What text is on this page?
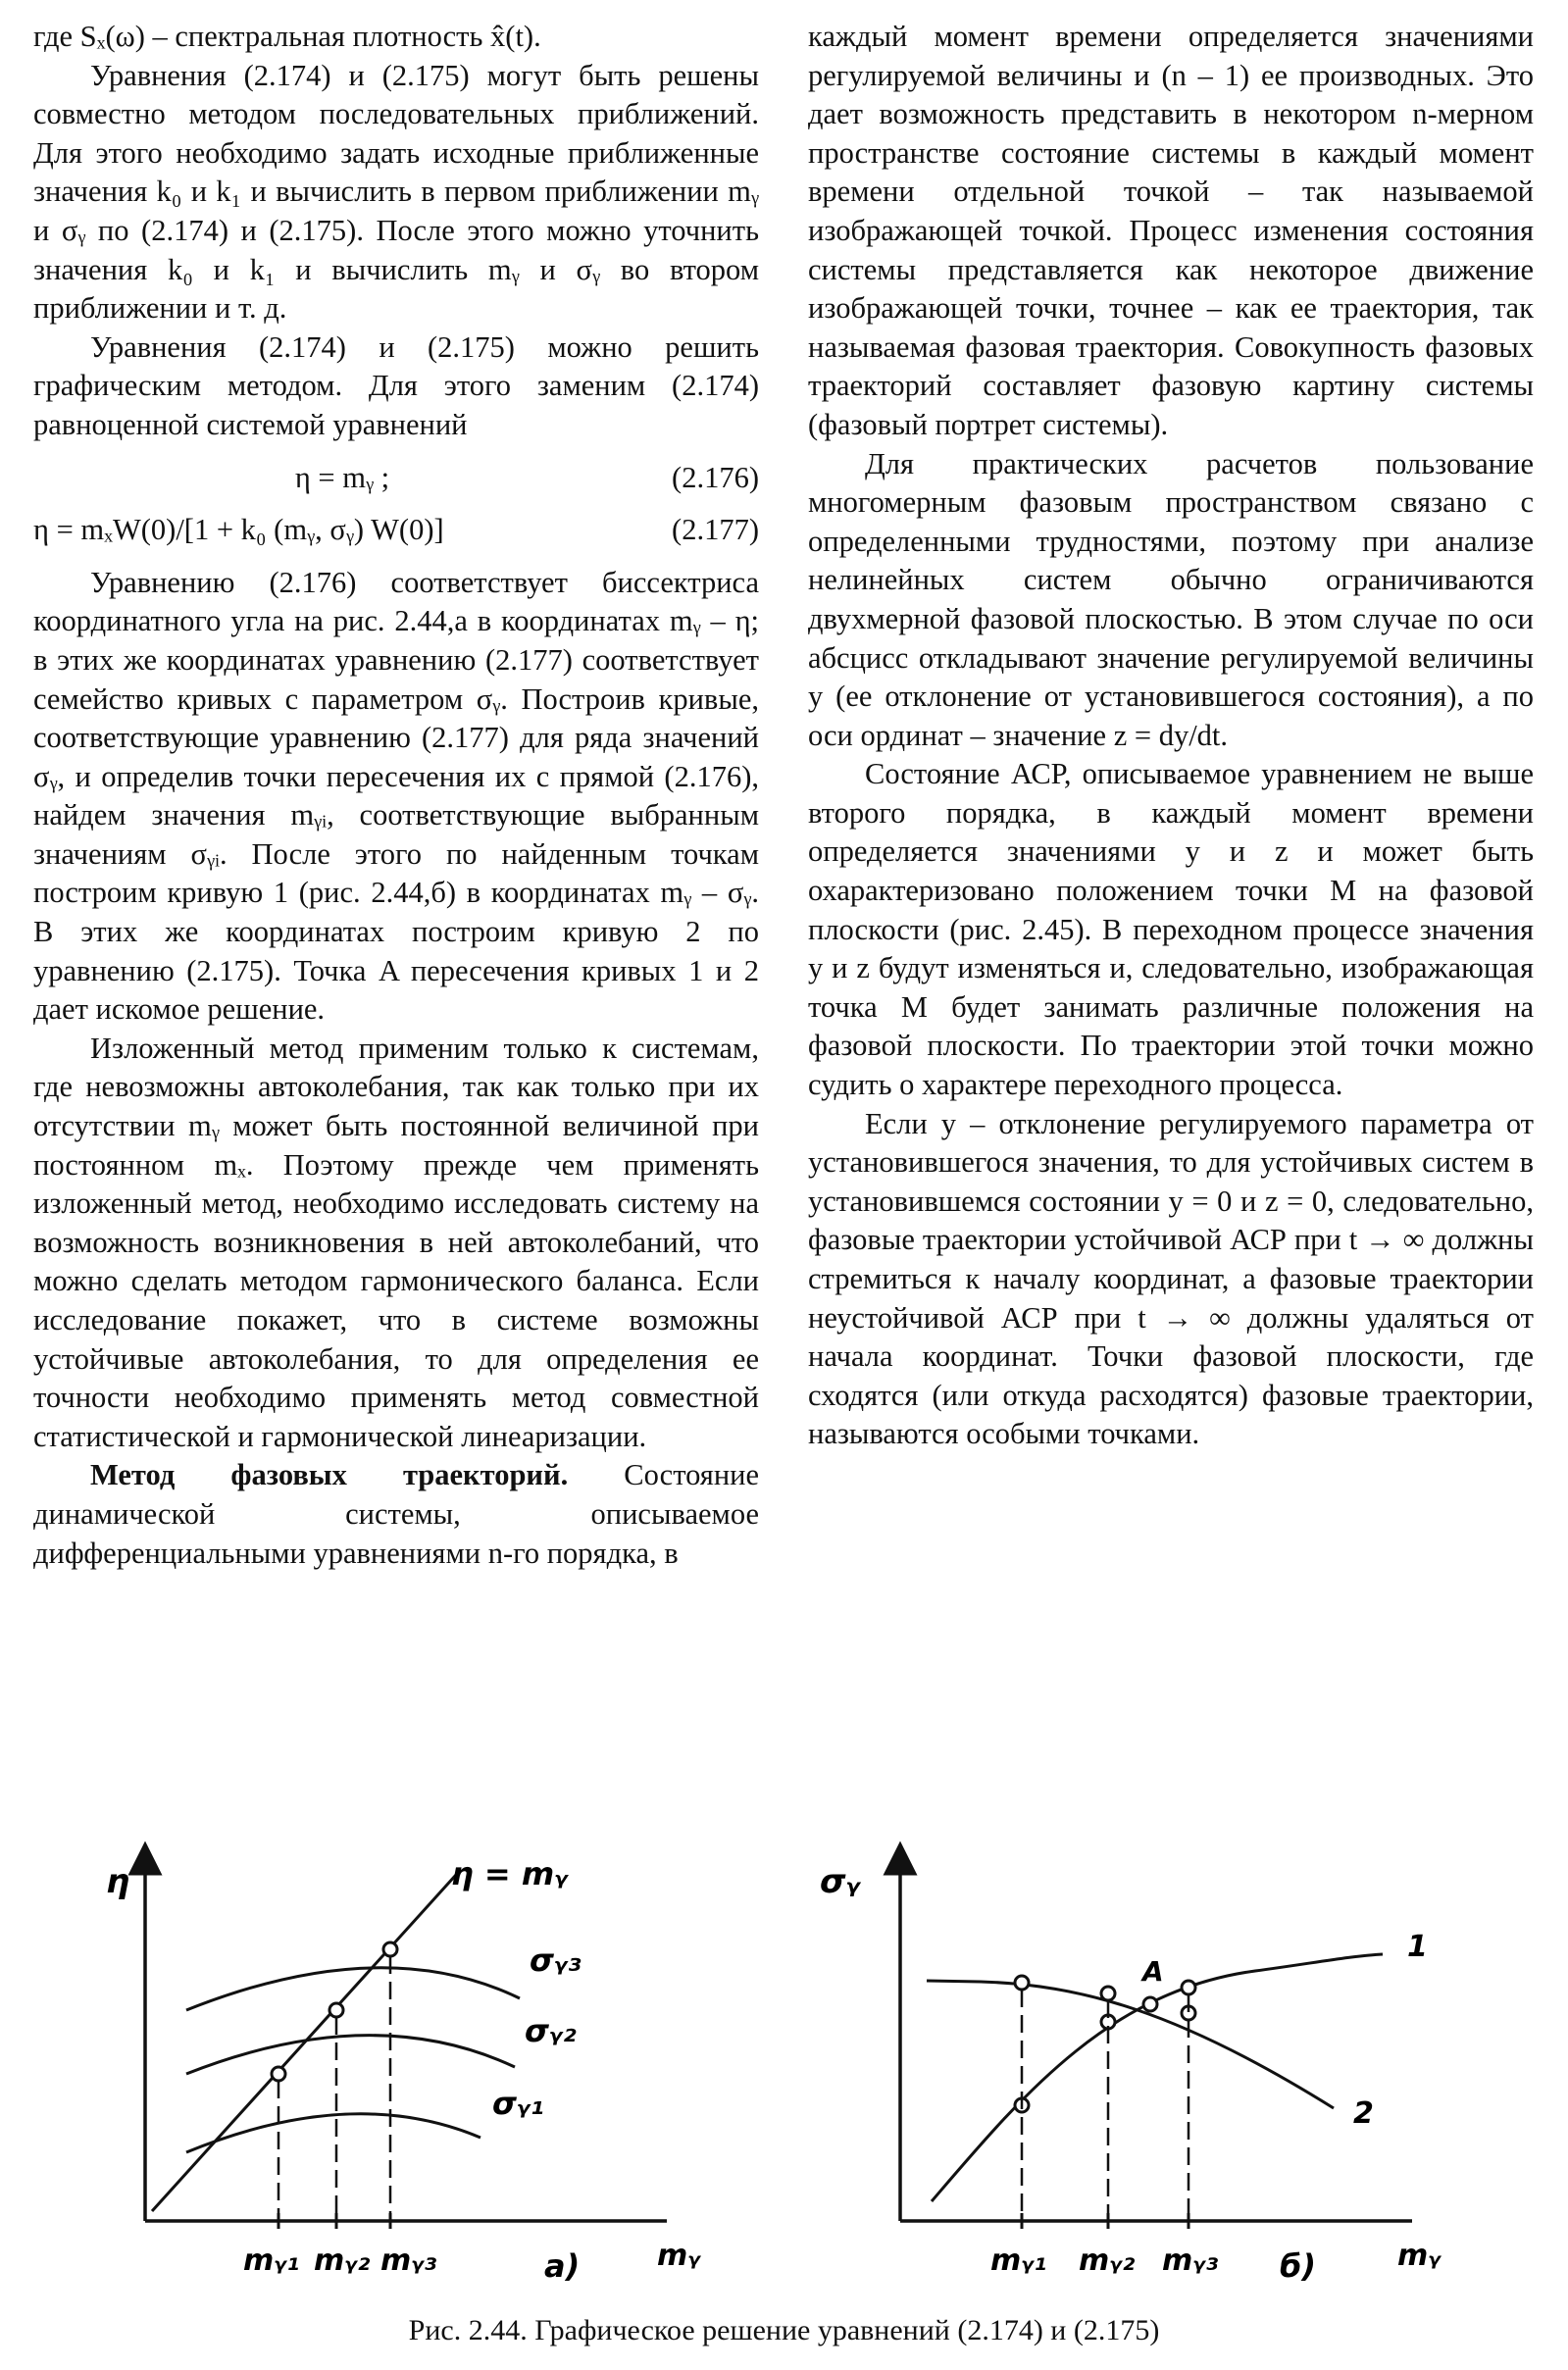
где Sₓ(ω) – спектральная плотность x̂(t).

Уравнения (2.174) и (2.175) могут быть решены совместно методом последовательных приближений. Для этого необходимо задать исходные приближенные значения k₀ и k₁ и вычислить в первом приближении mᵧ и σᵧ по (2.174) и (2.175). После этого можно уточнить значения k₀ и k₁ и вычислить mᵧ и σᵧ во втором приближении и т. д.

Уравнения (2.174) и (2.175) можно решить графическим методом. Для этого заменим (2.174) равноценной системой уравнений

η = mᵧ ;	(2.176)
η = mₓW(0)/[1 + k₀ (mᵧ, σᵧ) W(0)]	(2.177)

Уравнению (2.176) соответствует биссектриса координатного угла на рис. 2.44,а в координатах mᵧ – η; в этих же координатах уравнению (2.177) соответствует семейство кривых с параметром σᵧ. Построив кривые, соответствующие уравнению (2.177) для ряда значений σᵧ, и определив точки пересечения их с прямой (2.176), найдем значения mᵧᵢ, соответствующие выбранным значениям σᵧᵢ. После этого по найденным точкам построим кривую 1 (рис. 2.44,б) в координатах mᵧ – σᵧ. В этих же координатах построим кривую 2 по уравнению (2.175). Точка A пересечения кривых 1 и 2 дает искомое решение.

Изложенный метод применим только к системам, где невозможны автоколебания, так как только при их отсутствии mᵧ может быть постоянной величиной при постоянном mₓ. Поэтому прежде чем применять изложенный метод, необходимо исследовать систему на возможность возникновения в ней автоколебаний, что можно сделать методом гармонического баланса. Если исследование покажет, что в системе возможны устойчивые автоколебания, то для определения ее точности необходимо применять метод совместной статистической и гармонической линеаризации.

Метод фазовых траекторий. Состояние динамической системы, описываемое дифференциальными уравнениями n-го порядка, в

каждый момент времени определяется значениями регулируемой величины и (n – 1) ее производных. Это дает возможность представить в некотором n-мерном пространстве состояние системы в каждый момент времени отдельной точкой – так называемой изображающей точкой. Процесс изменения состояния системы представляется как некоторое движение изображающей точки, точнее – как ее траектория, так называемая фазовая траектория. Совокупность фазовых траекторий составляет фазовую картину системы (фазовый портрет системы).

Для практических расчетов пользование многомерным фазовым пространством связано с определенными трудностями, поэтому при анализе нелинейных систем обычно ограничиваются двухмерной фазовой плоскостью. В этом случае по оси абсцисс откладывают значение регулируемой величины y (ее отклонение от установившегося состояния), а по оси ординат – значение z = dy/dt.

Состояние АСР, описываемое уравнением не выше второго порядка, в каждый момент времени определяется значениями y и z и может быть охарактеризовано положением точки M на фазовой плоскости (рис. 2.45). В переходном процессе значения y и z будут изменяться и, следовательно, изображающая точка M будет занимать различные положения на фазовой плоскости. По траектории этой точки можно судить о характере переходного процесса.

Если y – отклонение регулируемого параметра от установившегося значения, то для устойчивых систем в установившемся состоянии y = 0 и z = 0, следовательно, фазовые траектории устойчивой АСР при t → ∞ должны стремиться к началу координат, а фазовые траектории неустойчивой АСР при t → ∞ должны удаляться от начала координат. Точки фазовой плоскости, где сходятся (или откуда расходятся) фазовые траектории, называются особыми точками.

η	η = mᵧ
σᵧ₃
σᵧ₂
σᵧ₁
mᵧ₁ mᵧ₂ mᵧ₃	а)	mᵧ
σᵧ
1
2
A
mᵧ₁ mᵧ₂ mᵧ₃ б)	mᵧ
Рис. 2.44. Графическое решение уравнений (2.174) и (2.175)
